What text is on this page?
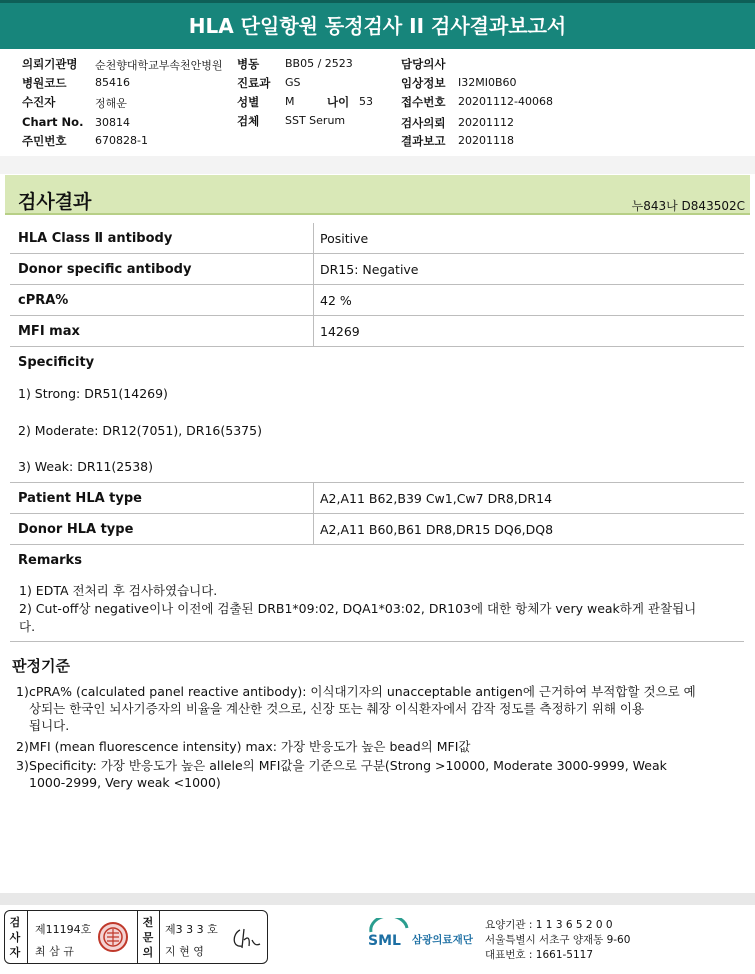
HLA 단일항원 동정검사 II 검사결과보고서
의뢰기관명 순천향대학교부속천안병원
병원코드	85416
수진자	정해운
Chart No. 30814
주민번호	670828-1
병동 BB05 / 2523
진료과 GS
성별 M	나이 53
검체 SST Serum
담당의사
임상정보 I32MI0B60
접수번호 20201112-40068
검사의뢰 20201112
결과보고 20201118
검사결과	누843나 D843502C
HLA Class Ⅱ antibody	Positive
Donor specific antibody	DR15: Negative
cPRA%	42 %
MFI max	14269
Specificity
1) Strong: DR51(14269)
2) Moderate: DR12(7051), DR16(5375)
3) Weak: DR11(2538)
Patient HLA type	A2,A11 B62,B39 Cw1,Cw7 DR8,DR14
Donor HLA type	A2,A11 B60,B61 DR8,DR15 DQ6,DQ8
Remarks
1) EDTA 전처리 후 검사하였습니다.
2) Cut-off상 negative이나 이전에 검출된 DRB1*09:02, DQA1*03:02, DR103에 대한 항체가 very weak하게 관찰됩니
다.
판정기준
1)cPRA% (calculated panel reactive antibody): 이식대기자의 unacceptable antigen에 근거하여 부적합할 것으로 예
상되는 한국인 뇌사기증자의 비율을 계산한 것으로, 신장 또는 췌장 이식환자에서 감작 정도를 측정하기 위해 이용
됩니다.
2)MFI (mean fluorescence intensity) max: 가장 반응도가 높은 bead의 MFI값
3)Specificity: 가장 반응도가 높은 allele의 MFI값을 기준으로 구분(Strong >10000, Moderate 3000-9999, Weak
1000-2999, Very weak <1000)
검사자
제11194호
최 삼 규
전문의
제3 3 3 호
지 현 영
SML 삼광의료재단
요양기관 : 1 1 3 6 5 2 0 0
서울특별시 서초구 양재동 9-60
대표번호 : 1661-5117
